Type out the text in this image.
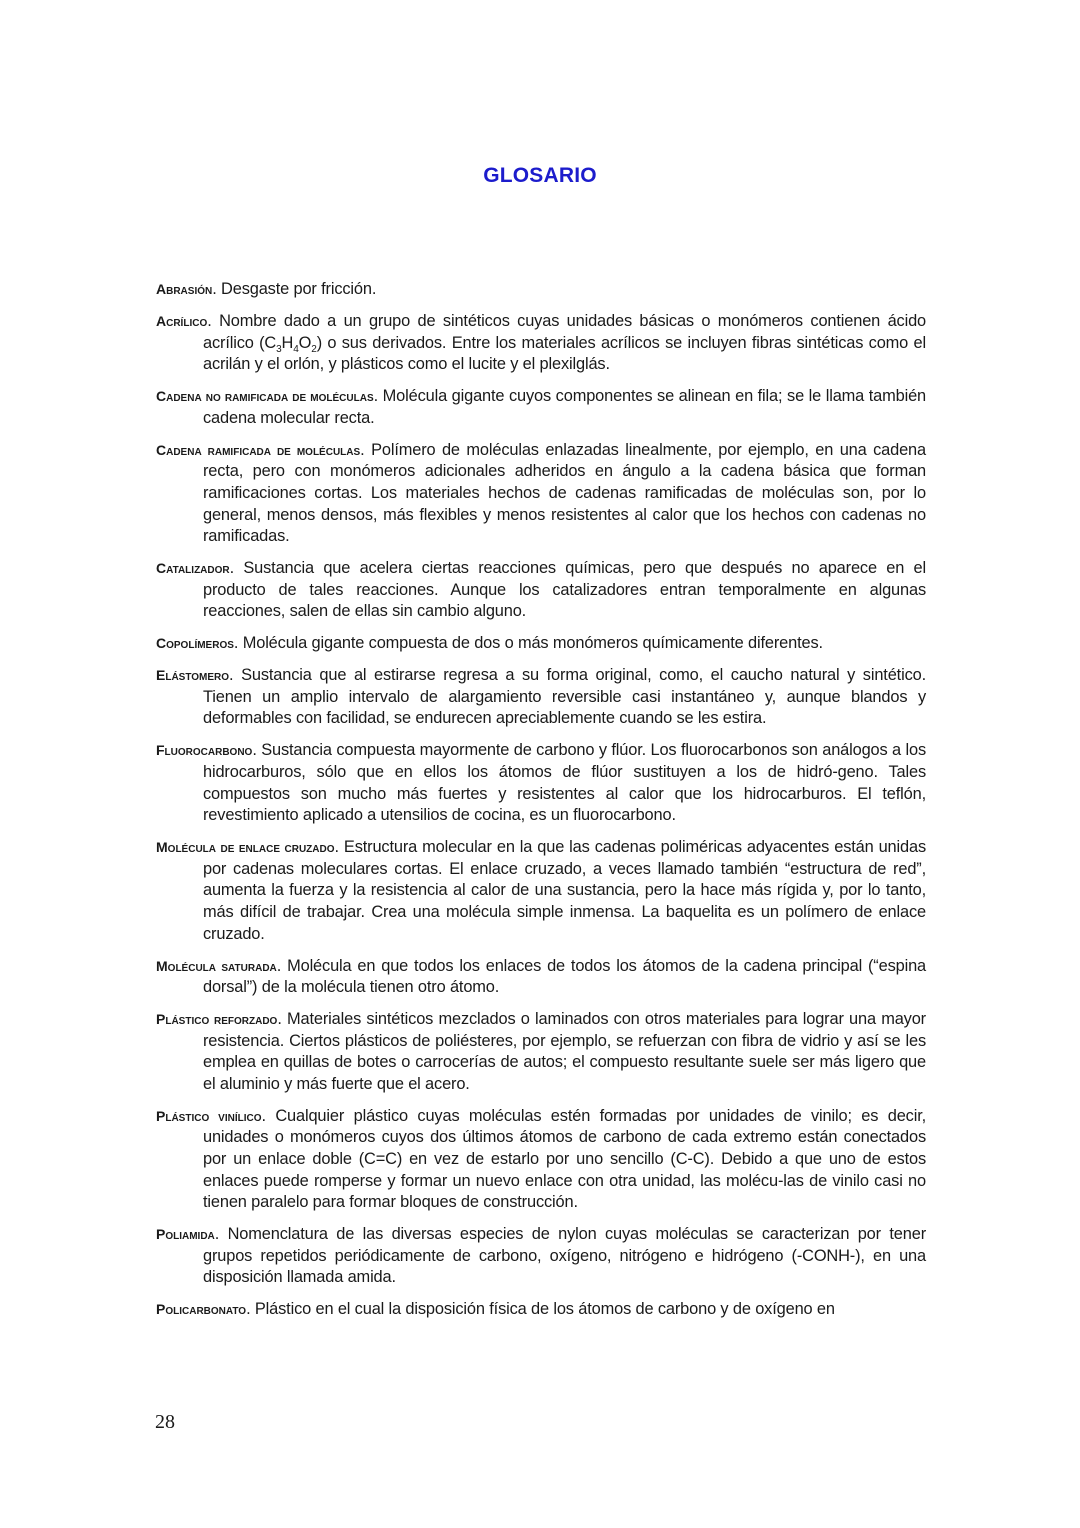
GLOSARIO

Abrasión. Desgaste por fricción.

Acrílico. Nombre dado a un grupo de sintéticos cuyas unidades básicas o monómeros contienen ácido acrílico $(C_3H_4O_2)$ o sus derivados. Entre los materiales acrílicos se incluyen fibras sintéticas como el acrilán y el orlón, y plásticos como el lucite y el plexilglás.

Cadena no ramificada de moléculas. Molécula gigante cuyos componentes se alinean en fila; se le llama también cadena molecular recta.

Cadena ramificada de moléculas. Polímero de moléculas enlazadas linealmente, por ejemplo, en una cadena recta, pero con monómeros adicionales adheridos en ángulo a la cadena básica que forman ramificaciones cortas. Los materiales hechos de cadenas ramificadas de moléculas son, por lo general, menos densos, más flexibles y menos resistentes al calor que los hechos con cadenas no ramificadas.

Catalizador. Sustancia que acelera ciertas reacciones químicas, pero que después no aparece en el producto de tales reacciones. Aunque los catalizadores entran temporalmente en algunas reacciones, salen de ellas sin cambio alguno.

Copolímeros. Molécula gigante compuesta de dos o más monómeros químicamente diferentes.

Elástomero. Sustancia que al estirarse regresa a su forma original, como, el caucho natural y sintético. Tienen un amplio intervalo de alargamiento reversible casi instantáneo y, aunque blandos y deformables con facilidad, se endurecen apreciablemente cuando se les estira.

Fluorocarbono. Sustancia compuesta mayormente de carbono y flúor. Los fluorocarbonos son análogos a los hidrocarburos, sólo que en ellos los átomos de flúor sustituyen a los de hidró-geno. Tales compuestos son mucho más fuertes y resistentes al calor que los hidrocarburos. El teflón, revestimiento aplicado a utensilios de cocina, es un fluorocarbono.

Molécula de enlace cruzado. Estructura molecular en la que las cadenas poliméricas adyacentes están unidas por cadenas moleculares cortas. El enlace cruzado, a veces llamado también “estructura de red”, aumenta la fuerza y la resistencia al calor de una sustancia, pero la hace más rígida y, por lo tanto, más difícil de trabajar. Crea una molécula simple inmensa. La baquelita es un polímero de enlace cruzado.

Molécula saturada. Molécula en que todos los enlaces de todos los átomos de la cadena principal (“espina dorsal”) de la molécula tienen otro átomo.

Plástico reforzado. Materiales sintéticos mezclados o laminados con otros materiales para lograr una mayor resistencia. Ciertos plásticos de poliésteres, por ejemplo, se refuerzan con fibra de vidrio y así se les emplea en quillas de botes o carrocerías de autos; el compuesto resultante suele ser más ligero que el aluminio y más fuerte que el acero.

Plástico vinílico. Cualquier plástico cuyas moléculas estén formadas por unidades de vinilo; es decir, unidades o monómeros cuyos dos últimos átomos de carbono de cada extremo están conectados por un enlace doble (C=C) en vez de estarlo por uno sencillo (C-C). Debido a que uno de estos enlaces puede romperse y formar un nuevo enlace con otra unidad, las molécu-las de vinilo casi no tienen paralelo para formar bloques de construcción.

Poliamida. Nomenclatura de las diversas especies de nylon cuyas moléculas se caracterizan por tener grupos repetidos periódicamente de carbono, oxígeno, nitrógeno e hidrógeno (-CONH-), en una disposición llamada amida.

Policarbonato. Plástico en el cual la disposición física de los átomos de carbono y de oxígeno en

28
